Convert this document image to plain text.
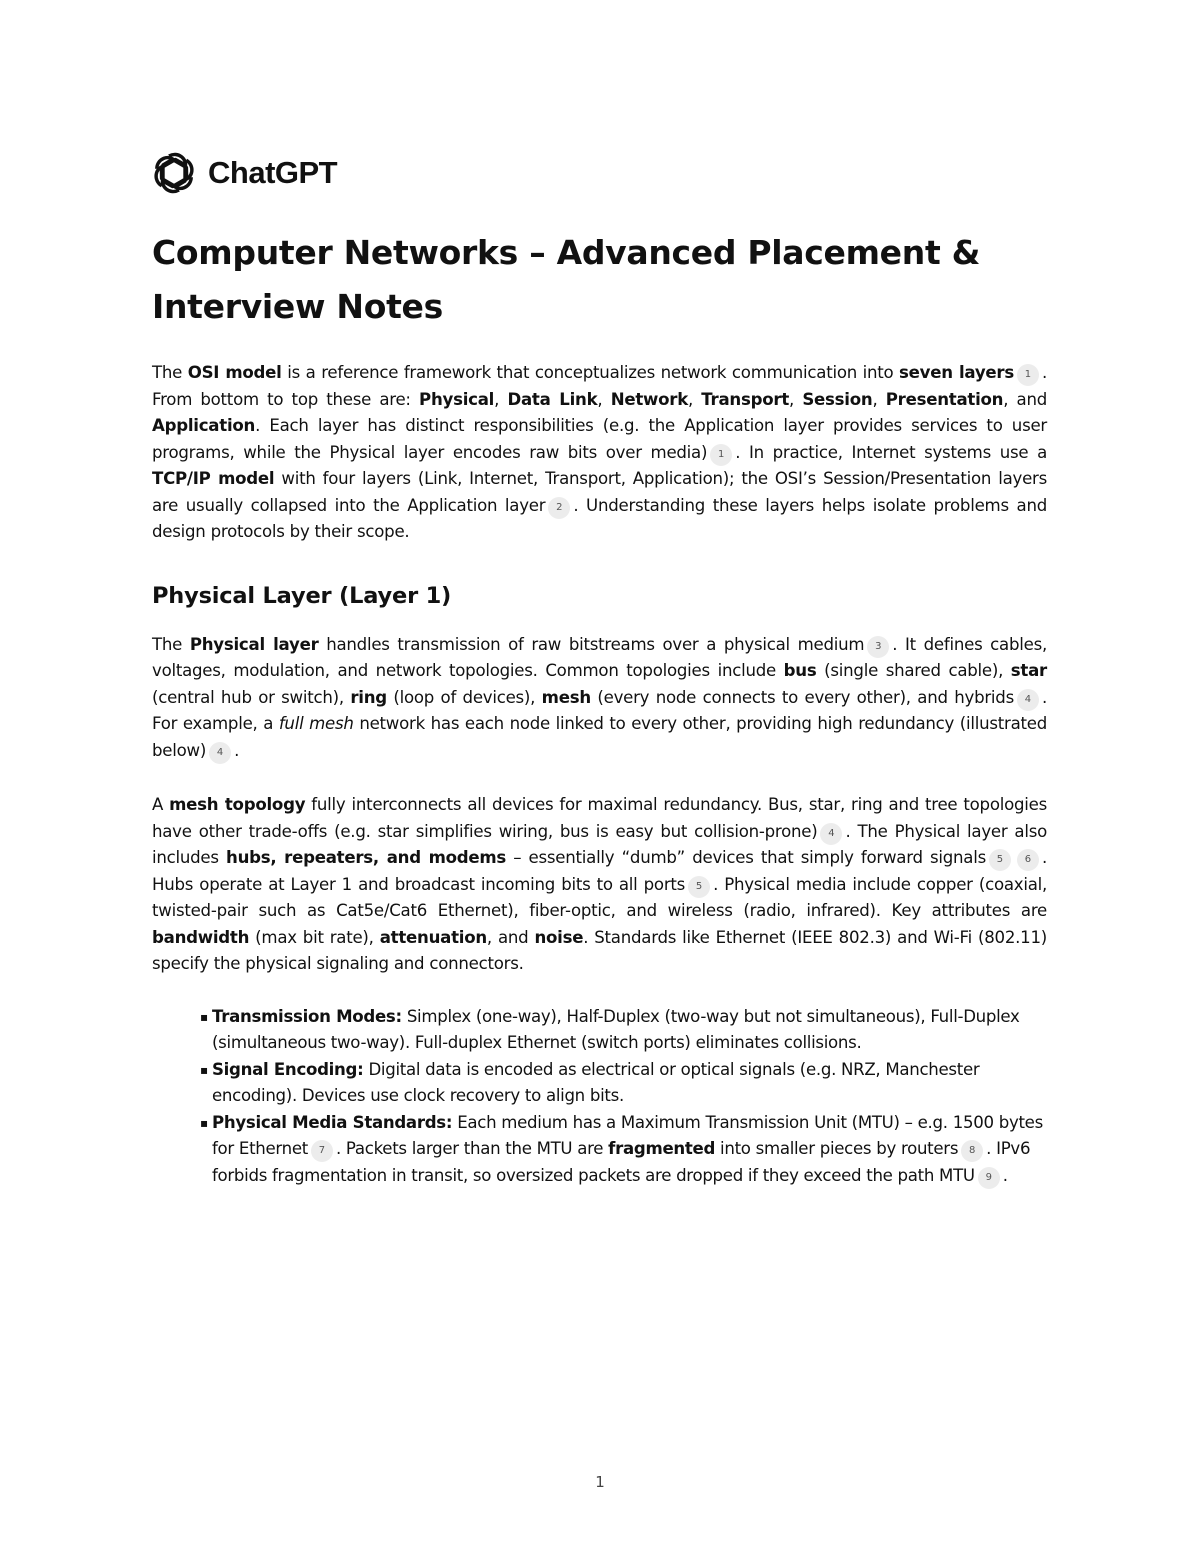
ChatGPT
Computer Networks – Advanced Placement & Interview Notes

The OSI model is a reference framework that conceptualizes network communication into seven layers 1 . From bottom to top these are: Physical, Data Link, Network, Transport, Session, Presentation, and Application. Each layer has distinct responsibilities (e.g. the Application layer provides services to user programs, while the Physical layer encodes raw bits over media) 1 . In practice, Internet systems use a TCP/IP model with four layers (Link, Internet, Transport, Application); the OSI’s Session/Presentation layers are usually collapsed into the Application layer 2 . Understanding these layers helps isolate problems and design protocols by their scope.

Physical Layer (Layer 1)

The Physical layer handles transmission of raw bitstreams over a physical medium 3 . It defines cables, voltages, modulation, and network topologies. Common topologies include bus (single shared cable), star (central hub or switch), ring (loop of devices), mesh (every node connects to every other), and hybrids 4 . For example, a full mesh network has each node linked to every other, providing high redundancy (illustrated below) 4 .

A mesh topology fully interconnects all devices for maximal redundancy. Bus, star, ring and tree topologies have other trade-offs (e.g. star simplifies wiring, bus is easy but collision-prone) 4 . The Physical layer also includes hubs, repeaters, and modems – essentially “dumb” devices that simply forward signals 5 6 . Hubs operate at Layer 1 and broadcast incoming bits to all ports 5 . Physical media include copper (coaxial, twisted-pair such as Cat5e/Cat6 Ethernet), fiber-optic, and wireless (radio, infrared). Key attributes are bandwidth (max bit rate), attenuation, and noise. Standards like Ethernet (IEEE 802.3) and Wi-Fi (802.11) specify the physical signaling and connectors.

▪ Transmission Modes: Simplex (one-way), Half-Duplex (two-way but not simultaneous), Full-Duplex (simultaneous two-way). Full-duplex Ethernet (switch ports) eliminates collisions.
▪ Signal Encoding: Digital data is encoded as electrical or optical signals (e.g. NRZ, Manchester encoding). Devices use clock recovery to align bits.
▪ Physical Media Standards: Each medium has a Maximum Transmission Unit (MTU) – e.g. 1500 bytes for Ethernet 7 . Packets larger than the MTU are fragmented into smaller pieces by routers 8 . IPv6 forbids fragmentation in transit, so oversized packets are dropped if they exceed the path MTU 9 .
1
